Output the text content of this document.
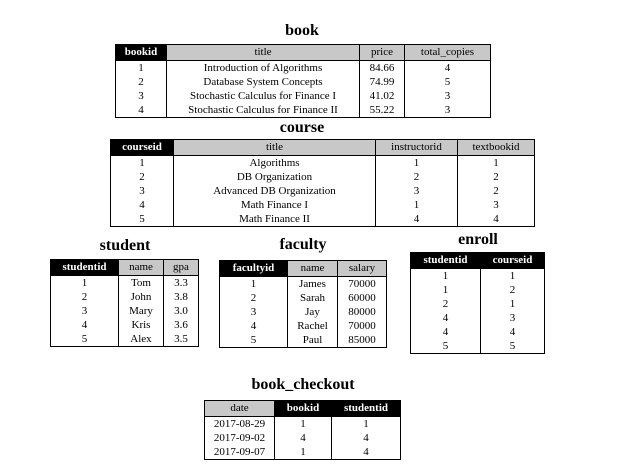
book
bookid	title	price	total_copies
1	Introduction of Algorithms	84.66	4
2	Database System Concepts	74.99	5
3	Stochastic Calculus for Finance I	41.02	3
4	Stochastic Calculus for Finance II	55.22	3
course
courseid	title	instructorid	textbookid
1	Algorithms	1	1
2	DB Organization	2	2
3	Advanced DB Organization	3	2
4	Math Finance I	1	3
5	Math Finance II	4	4
student
studentid	name	gpa
1	Tom	3.3
2	John	3.8
3	Mary	3.0
4	Kris	3.6
5	Alex	3.5
faculty
facultyid	name	salary
1	James	70000
2	Sarah	60000
3	Jay	80000
4	Rachel	70000
5	Paul	85000
enroll
studentid	courseid
1	1
1	2
2	1
4	3
4	4
5	5
book_checkout
date	bookid	studentid
2017-08-29	1	1
2017-09-02	4	4
2017-09-07	1	4
